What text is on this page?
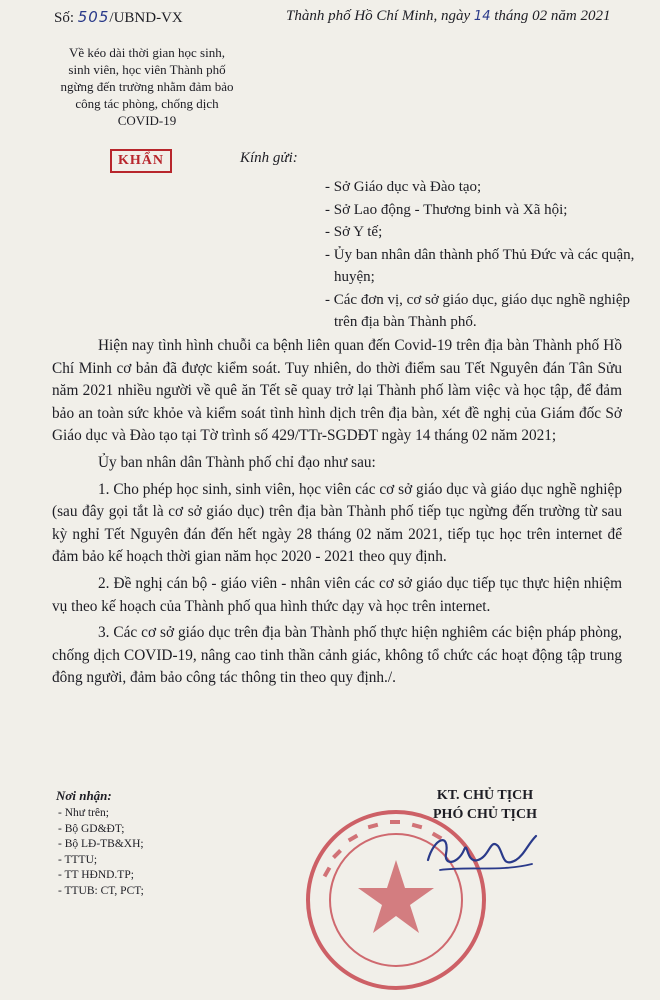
Số: 505/UBND-VX	Thành phố Hồ Chí Minh, ngày 14 tháng 02 năm 2021
Về kéo dài thời gian học sinh,
sinh viên, học viên Thành phố
ngừng đến trường nhằm đảm bảo
công tác phòng, chống dịch
COVID-19
KHẨN	Kính gửi:
- Sở Giáo dục và Đào tạo;
- Sở Lao động - Thương binh và Xã hội;
- Sở Y tế;
- Ủy ban nhân dân thành phố Thủ Đức và các quận, huyện;
- Các đơn vị, cơ sở giáo dục, giáo dục nghề nghiệp trên địa bàn Thành phố.

Hiện nay tình hình chuỗi ca bệnh liên quan đến Covid-19 trên địa bàn Thành phố Hồ Chí Minh cơ bản đã được kiểm soát. Tuy nhiên, do thời điểm sau Tết Nguyên đán Tân Sửu năm 2021 nhiều người về quê ăn Tết sẽ quay trở lại Thành phố làm việc và học tập, để đảm bảo an toàn sức khỏe và kiểm soát tình hình dịch trên địa bàn, xét đề nghị của Giám đốc Sở Giáo dục và Đào tạo tại Tờ trình số 429/TTr-SGDĐT ngày 14 tháng 02 năm 2021;

Ủy ban nhân dân Thành phố chỉ đạo như sau:

1. Cho phép học sinh, sinh viên, học viên các cơ sở giáo dục và giáo dục nghề nghiệp (sau đây gọi tắt là cơ sở giáo dục) trên địa bàn Thành phố tiếp tục ngừng đến trường từ sau kỳ nghỉ Tết Nguyên đán đến hết ngày 28 tháng 02 năm 2021, tiếp tục học trên internet để đảm bảo kế hoạch thời gian năm học 2020 - 2021 theo quy định.

2. Đề nghị cán bộ - giáo viên - nhân viên các cơ sở giáo dục tiếp tục thực hiện nhiệm vụ theo kế hoạch của Thành phố qua hình thức dạy và học trên internet.

3. Các cơ sở giáo dục trên địa bàn Thành phố thực hiện nghiêm các biện pháp phòng, chống dịch COVID-19, nâng cao tinh thần cảnh giác, không tổ chức các hoạt động tập trung đông người, đảm bảo công tác thông tin theo quy định./.

Nơi nhận:
- Như trên;
- Bộ GD&ĐT;
- Bộ LĐ-TB&XH;
- TTTU;
- TT HĐND.TP;
- TTUB: CT, PCT;
KT. CHỦ TỊCH
PHÓ CHỦ TỊCH
